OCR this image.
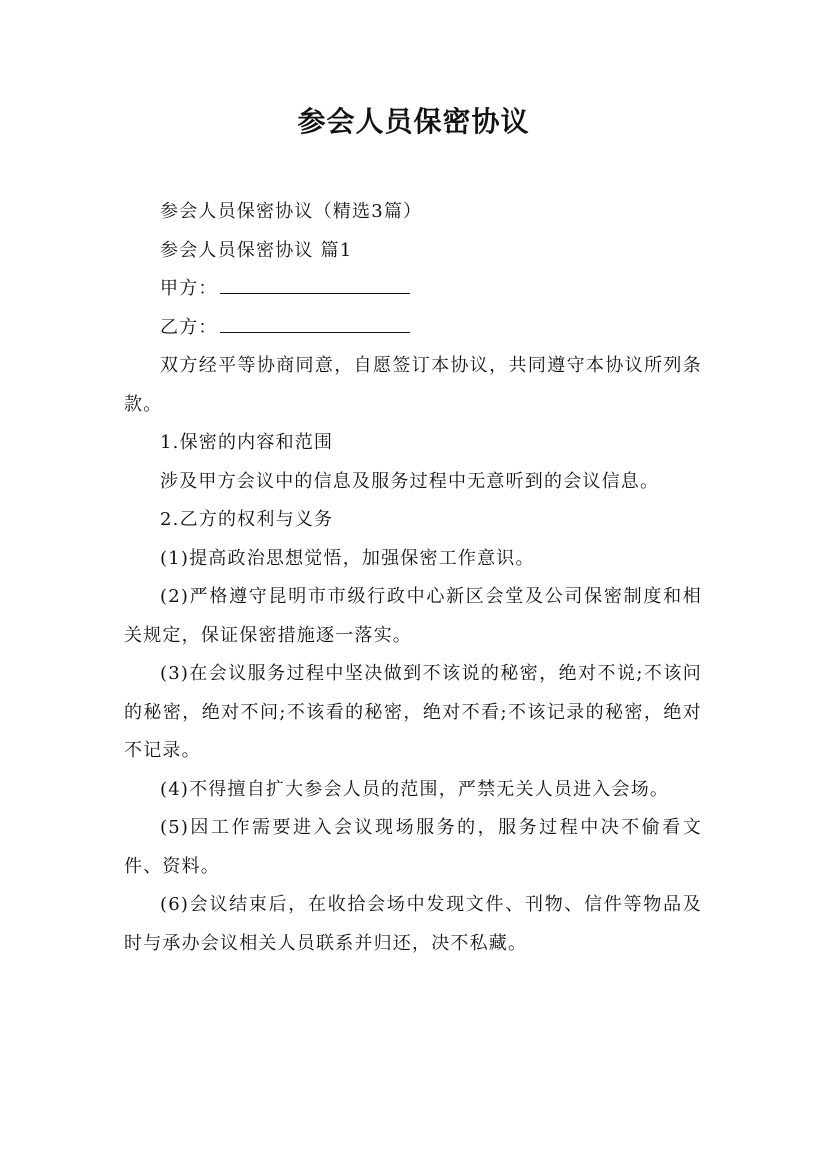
参会人员保密协议

参会人员保密协议（精选3篇）

参会人员保密协议 篇1

甲方：

乙方：

双方经平等协商同意，自愿签订本协议，共同遵守本协议所列条款。

1.保密的内容和范围

涉及甲方会议中的信息及服务过程中无意听到的会议信息。

2.乙方的权利与义务

(1)提高政治思想觉悟，加强保密工作意识。

(2)严格遵守昆明市市级行政中心新区会堂及公司保密制度和相关规定，保证保密措施逐一落实。

(3)在会议服务过程中坚决做到不该说的秘密，绝对不说;不该问的秘密，绝对不问;不该看的秘密，绝对不看;不该记录的秘密，绝对不记录。

(4)不得擅自扩大参会人员的范围，严禁无关人员进入会场。

(5)因工作需要进入会议现场服务的，服务过程中决不偷看文件、资料。

(6)会议结束后，在收拾会场中发现文件、刊物、信件等物品及时与承办会议相关人员联系并归还，决不私藏。
